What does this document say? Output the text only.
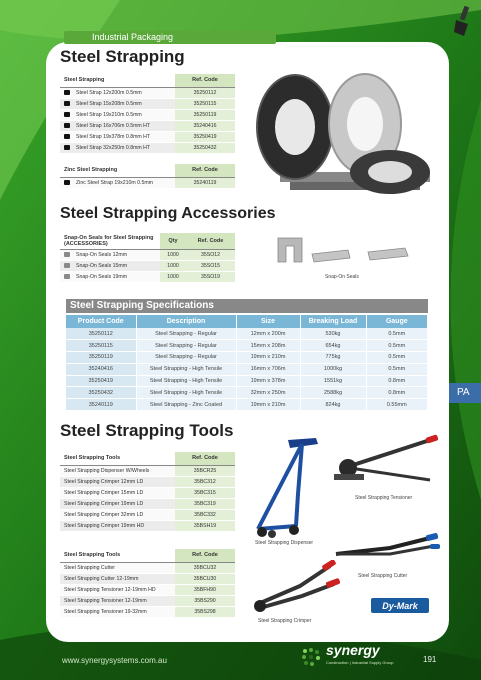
Industrial Packaging
Steel Strapping
Steel Strapping	Ref. Code
Steel Strap 12x200m 0.5mm	35250112
Steel Strap 15x208m 0.5mm	35250115
Steel Strap 19x210m 0.5mm	35250119
Steel Strap 16x706m 0.5mm HT	35240416
Steel Strap 19x378m 0.8mm HT	35250419
Steel Strap 32x250m 0.8mm HT	35250432
Zinc Steel Strapping	Ref. Code
Zinc Steel Strap 19x210m 0.5mm	35240119
Steel Strapping Accessories
Snap-On Seals for Steel Strapping (ACCESSORIES)	Qty	Ref. Code
Snap-On Seals 12mm	1000	35SO12
Snap-On Seals 15mm	1000	35SO15
Snap-On Seals 19mm	1000	35SO19	Snap-On Seals
Steel Strapping Specifications
Product Code	Description	Size	Breaking Load	Gauge
35250112	Steel Strapping - Regular	12mm x 200m	530kg	0.5mm
35250115	Steel Strapping - Regular	15mm x 208m	654kg	0.5mm
35250119	Steel Strapping - Regular	19mm x 210m	775kg	0.5mm
35240416	Steel Strapping - High Tensile	16mm x 706m	1000kg	0.5mm
35250419	Steel Strapping - High Tensile	19mm x 378m	1551kg	0.8mm
35250432	Steel Strapping - High Tensile	32mm x 250m	2588kg	0.8mm
35240119	Steel Strapping - Zinc Coated	19mm x 210m	824kg	0.55mm
PA
Steel Strapping Tools
Steel Strapping Tools	Ref. Code
Steel Strapping Dispenser W/Wheels	35BCR25
Steel Strapping Crimper 12mm LD	35BC312
Steel Strapping Crimper 15mm LD	35BC315
Steel Strapping Crimper 19mm LD	35BC319
Steel Strapping Crimper 32mm LD	35BC332
Steel Strapping Crimper 19mm HD	35BSH19
Steel Strapping Tools	Ref. Code
Steel Strapping Cutter	35BCU32
Steel Strapping Cutter 12-19mm	35BCU30
Steel Strapping Tensioner 12-19mm HD	35BFH90
Steel Strapping Tensioner 12-19mm	35BS290
Steel Strapping Tensioner 19-32mm	35BS298
Steel Strapping Dispenser
Steel Strapping Tensioner
Steel Strapping Cutter
Steel Strapping Crimper
Dy-Mark
www.synergysystems.com.au
synergy
Construction | Industrial Supply Group	191
